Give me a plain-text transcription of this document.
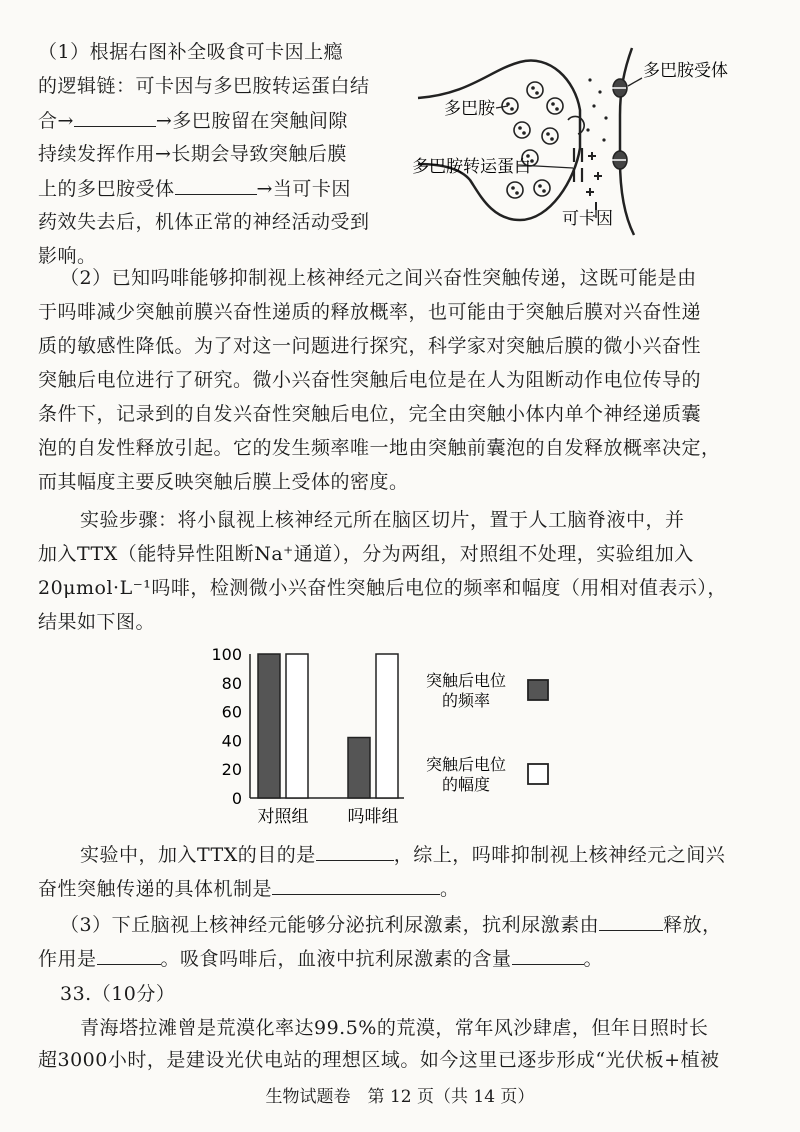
（1）根据右图补全吸食可卡因上瘾
的逻辑链：可卡因与多巴胺转运蛋白结
合→	→多巴胺留在突触间隙
持续发挥作用→长期会导致突触后膜
上的多巴胺受体	→当可卡因
药效失去后，机体正常的神经活动受到
影响。
多巴胺
多巴胺受体
多巴胺转运蛋白
可卡因
（2）已知吗啡能够抑制视上核神经元之间兴奋性突触传递，这既可能是由
于吗啡减少突触前膜兴奋性递质的释放概率，也可能由于突触后膜对兴奋性递
质的敏感性降低。为了对这一问题进行探究，科学家对突触后膜的微小兴奋性
突触后电位进行了研究。微小兴奋性突触后电位是在人为阻断动作电位传导的
条件下，记录到的自发兴奋性突触后电位，完全由突触小体内单个神经递质囊
泡的自发性释放引起。它的发生频率唯一地由突触前囊泡的自发释放概率决定，
而其幅度主要反映突触后膜上受体的密度。
实验步骤：将小鼠视上核神经元所在脑区切片，置于人工脑脊液中，并
加入TTX（能特异性阻断Na⁺通道），分为两组，对照组不处理，实验组加入
20μmol·L⁻¹吗啡，检测微小兴奋性突触后电位的频率和幅度（用相对值表示），
结果如下图。
100
80
60
40
20
0
对照组 吗啡组
突触后电位
的频率
突触后电位
的幅度
实验中，加入TTX的目的是	，综上，吗啡抑制视上核神经元之间兴
奋性突触传递的具体机制是	。
（3）下丘脑视上核神经元能够分泌抗利尿激素，抗利尿激素由	释放，
作用是	。吸食吗啡后，血液中抗利尿激素的含量	。
33.（10分）
青海塔拉滩曾是荒漠化率达99.5%的荒漠，常年风沙肆虐，但年日照时长
超3000小时，是建设光伏电站的理想区域。如今这里已逐步形成“光伏板+植被
生物试题卷　第 12 页（共 14 页）
